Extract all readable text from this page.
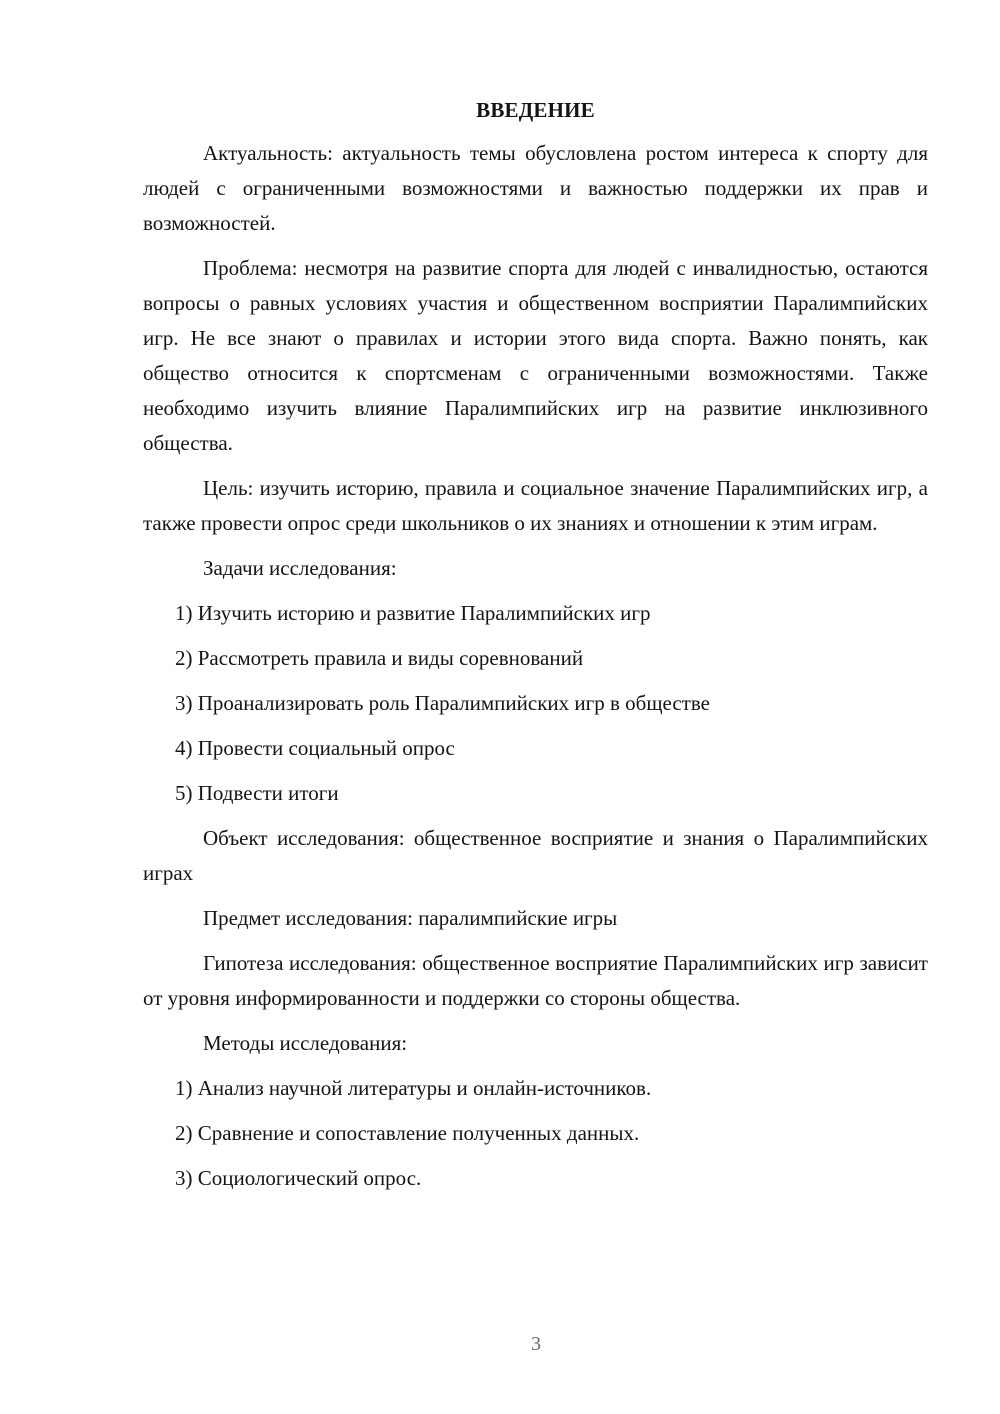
ВВЕДЕНИЕ

Актуальность: актуальность темы обусловлена ростом интереса к спорту для людей с ограниченными возможностями и важностью поддержки их прав и возможностей.

Проблема: несмотря на развитие спорта для людей с инвалидностью, остаются вопросы о равных условиях участия и общественном восприятии Паралимпийских игр. Не все знают о правилах и истории этого вида спорта. Важно понять, как общество относится к спортсменам с ограниченными возможностями. Также необходимо изучить влияние Паралимпийских игр на развитие инклюзивного общества.

Цель: изучить историю, правила и социальное значение Паралимпийских игр, а также провести опрос среди школьников о их знаниях и отношении к этим играм.

Задачи исследования:
1) Изучить историю и развитие Паралимпийских игр
2) Рассмотреть правила и виды соревнований
3) Проанализировать роль Паралимпийских игр в обществе
4) Провести социальный опрос
5) Подвести итоги

Объект исследования: общественное восприятие и знания о Паралимпийских играх

Предмет исследования: паралимпийские игры

Гипотеза исследования: общественное восприятие Паралимпийских игр зависит от уровня информированности и поддержки со стороны общества.

Методы исследования:
1) Анализ научной литературы и онлайн-источников.
2) Сравнение и сопоставление полученных данных.
3) Социологический опрос.
3
